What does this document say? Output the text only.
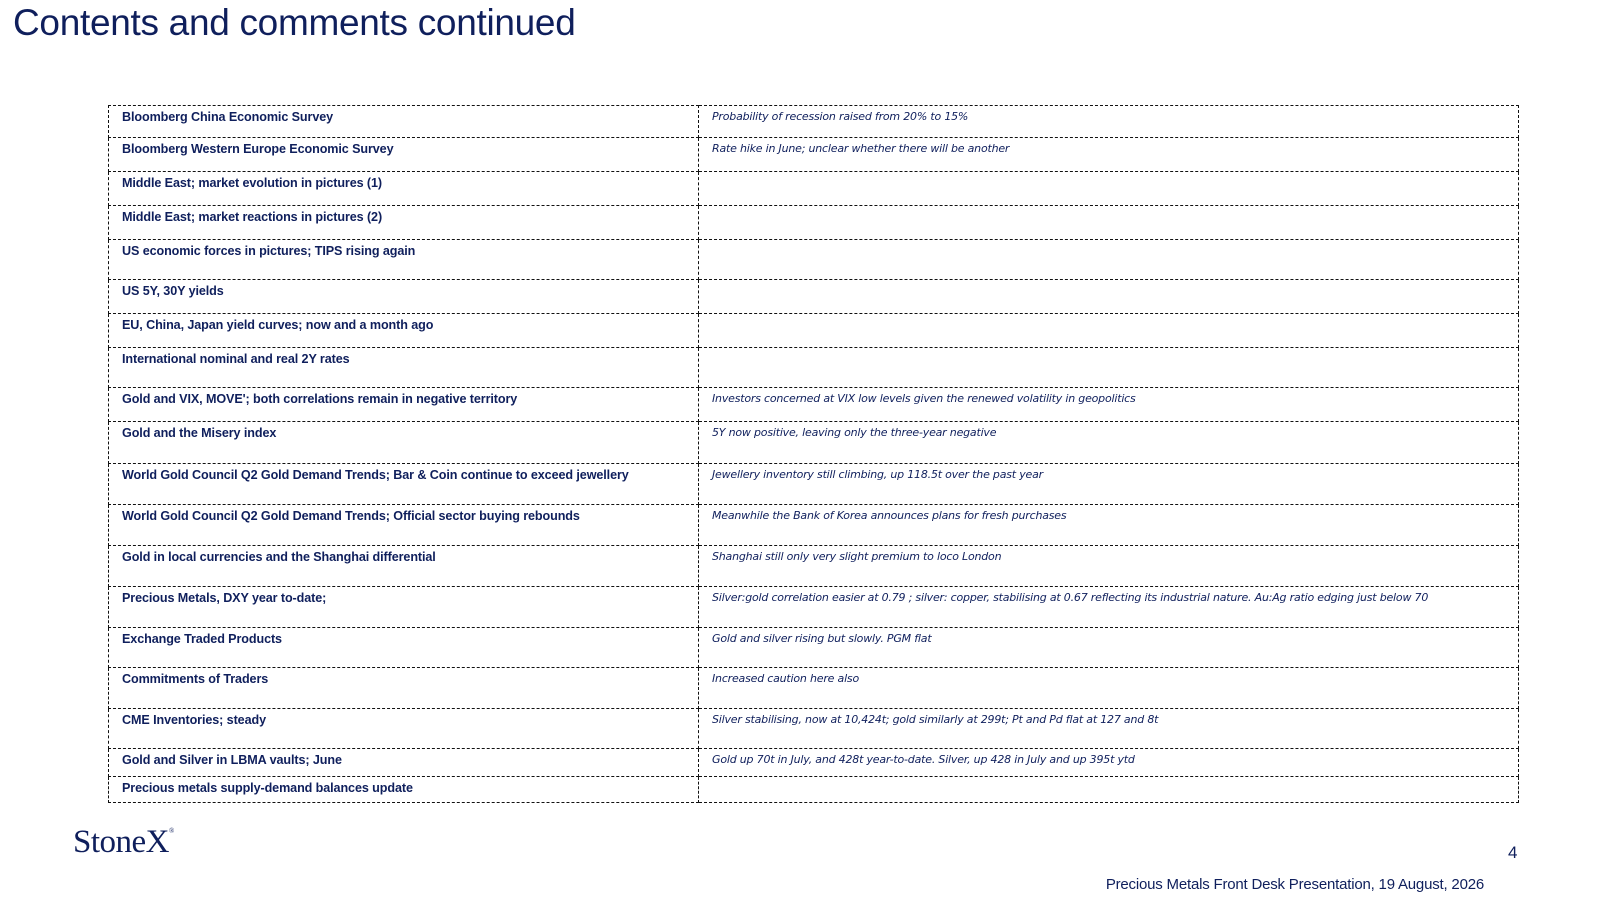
Contents and comments continued
Bloomberg China Economic Survey	Probability of recession raised from 20% to 15%
Bloomberg Western Europe Economic Survey	Rate hike in June; unclear whether there will be another
Middle East; market evolution in pictures (1)	
Middle East; market reactions in pictures (2)	
US economic forces in pictures; TIPS rising again	
US 5Y, 30Y yields	
EU, China, Japan yield curves; now and a month ago	
International nominal and real 2Y rates	
Gold and VIX, MOVE'; both correlations remain in negative territory	Investors concerned at VIX low levels given the renewed volatility in geopolitics
Gold and the Misery index	5Y now positive, leaving only the three-year negative
World Gold Council Q2 Gold Demand Trends; Bar & Coin continue to exceed jewellery	Jewellery inventory still climbing, up 118.5t over the past year
World Gold Council Q2 Gold Demand Trends; Official sector buying rebounds	Meanwhile the Bank of Korea announces plans for fresh purchases
Gold in local currencies and the Shanghai differential	Shanghai still only very slight premium to loco London
Precious Metals, DXY year to-date;	Silver:gold correlation easier at 0.79 ; silver: copper, stabilising at 0.67 reflecting its industrial nature. Au:Ag ratio edging just below 70
Exchange Traded Products	Gold and silver rising but slowly. PGM flat
Commitments of Traders	Increased caution here also
CME Inventories; steady	Silver stabilising, now at 10,424t; gold similarly at 299t; Pt and Pd flat at 127 and 8t
Gold and Silver in LBMA vaults; June	Gold up 70t in July, and 428t year-to-date. Silver, up 428 in July and up 395t ytd
Precious metals supply-demand balances update	
StoneX®
4
Precious Metals Front Desk Presentation, 19 August, 2026
